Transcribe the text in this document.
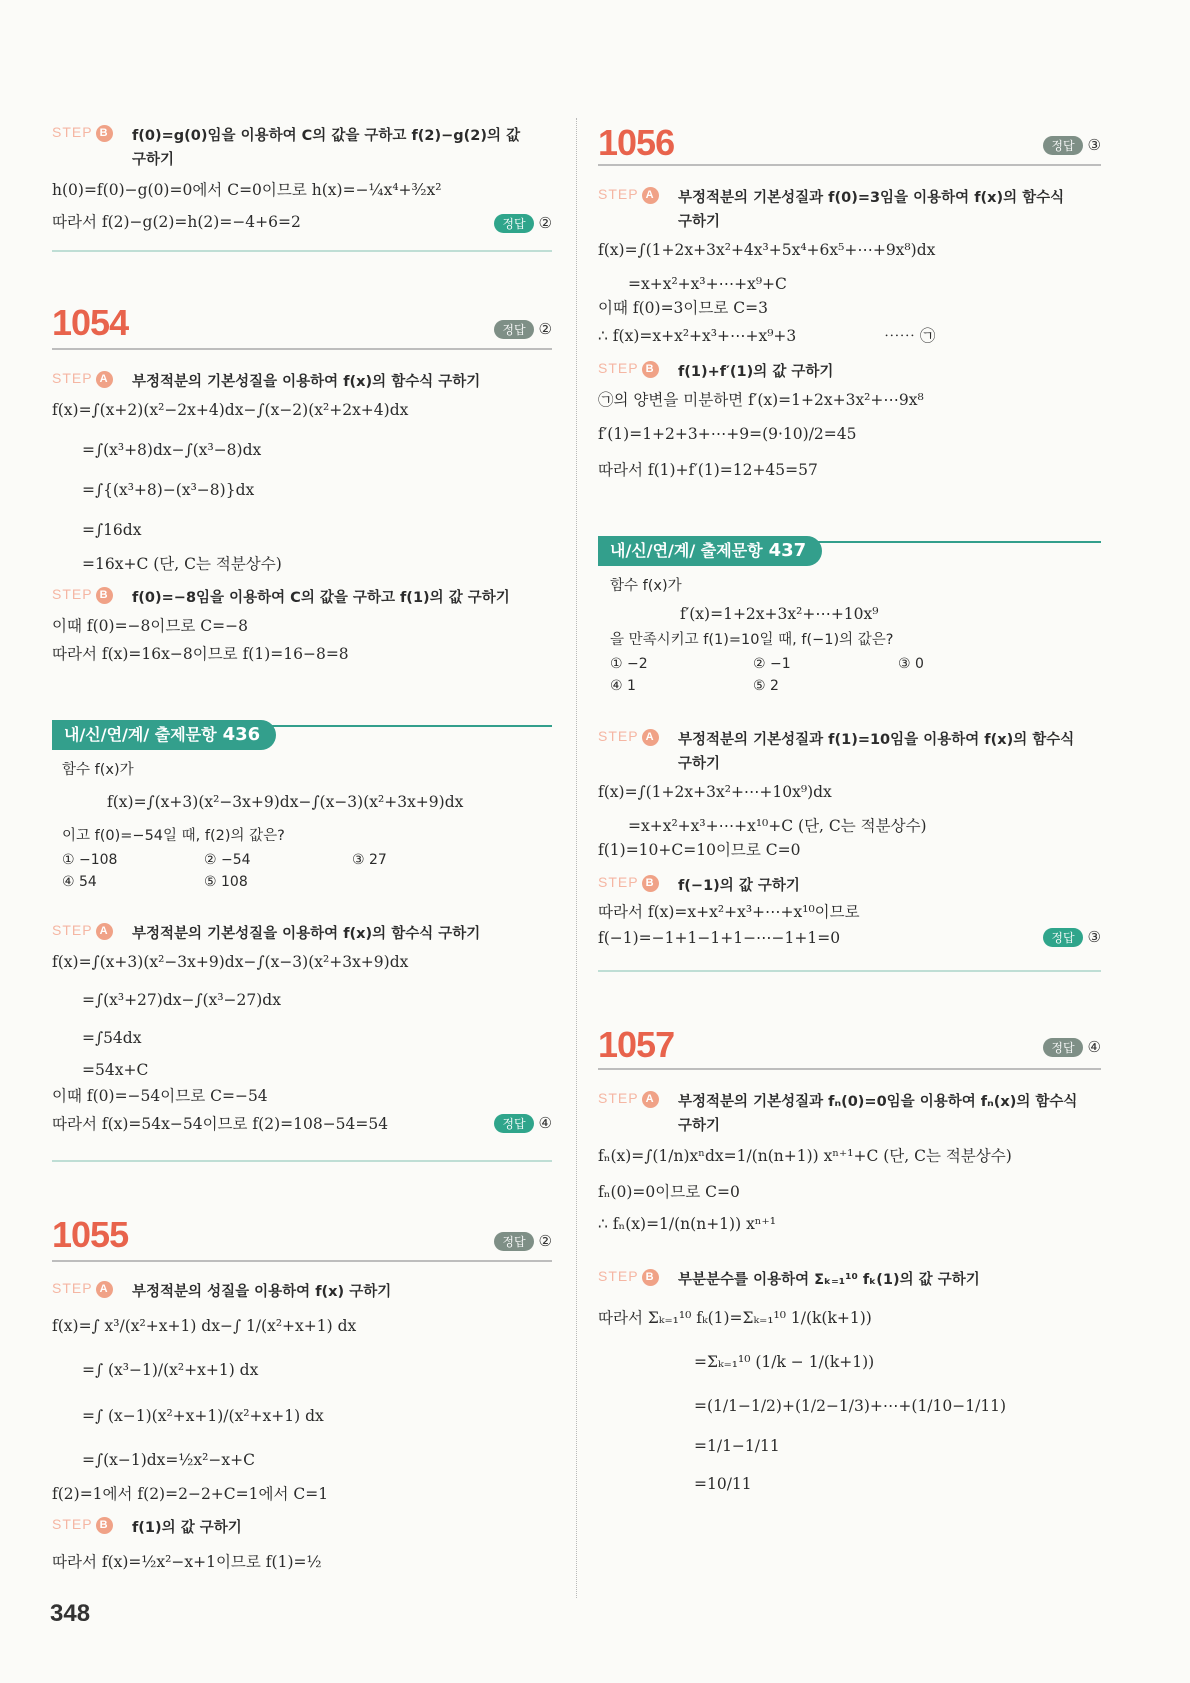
STEP B f(0)=g(0)임을 이용하여 C의 값을 구하고 f(2)−g(2)의 값
구하기
h(0)=f(0)−g(0)=0에서 C=0이므로 h(x)=−¼x⁴+³⁄₂x²
따라서 f(2)−g(2)=h(2)=−4+6=2	정답 ②
1054	정답 ②
STEP A 부정적분의 기본성질을 이용하여 f(x)의 함수식 구하기
f(x)=∫(x+2)(x²−2x+4)dx−∫(x−2)(x²+2x+4)dx
=∫(x³+8)dx−∫(x³−8)dx
=∫{(x³+8)−(x³−8)}dx
=∫16dx
=16x+C (단, C는 적분상수)
STEP B f(0)=−8임을 이용하여 C의 값을 구하고 f(1)의 값 구하기
이때 f(0)=−8이므로 C=−8
따라서 f(x)=16x−8이므로 f(1)=16−8=8
내/신/연/계/ 출제문항 436
함수 f(x)가
f(x)=∫(x+3)(x²−3x+9)dx−∫(x−3)(x²+3x+9)dx
이고 f(0)=−54일 때, f(2)의 값은?
① −108	② −54	③ 27
④ 54	⑤ 108
STEP A 부정적분의 기본성질을 이용하여 f(x)의 함수식 구하기
f(x)=∫(x+3)(x²−3x+9)dx−∫(x−3)(x²+3x+9)dx
=∫(x³+27)dx−∫(x³−27)dx
=∫54dx
=54x+C
이때 f(0)=−54이므로 C=−54
따라서 f(x)=54x−54이므로 f(2)=108−54=54	정답 ④
1055	정답 ②
STEP A 부정적분의 성질을 이용하여 f(x) 구하기
f(x)=∫ x³/(x²+x+1) dx−∫ 1/(x²+x+1) dx
=∫ (x³−1)/(x²+x+1) dx
=∫ (x−1)(x²+x+1)/(x²+x+1) dx
=∫(x−1)dx=½x²−x+C
f(2)=1에서 f(2)=2−2+C=1에서 C=1
STEP B f(1)의 값 구하기
따라서 f(x)=½x²−x+1이므로 f(1)=½
1056	정답 ③
STEP A 부정적분의 기본성질과 f(0)=3임을 이용하여 f(x)의 함수식
구하기
f(x)=∫(1+2x+3x²+4x³+5x⁴+6x⁵+⋯+9x⁸)dx
=x+x²+x³+⋯+x⁹+C
이때 f(0)=3이므로 C=3
∴ f(x)=x+x²+x³+⋯+x⁹+3	⋯⋯ ㉠
STEP B f(1)+f′(1)의 값 구하기
㉠의 양변을 미분하면 f′(x)=1+2x+3x²+⋯9x⁸
f′(1)=1+2+3+⋯+9=(9·10)/2=45
따라서 f(1)+f′(1)=12+45=57
내/신/연/계/ 출제문항 437
함수 f(x)가
f′(x)=1+2x+3x²+⋯+10x⁹
을 만족시키고 f(1)=10일 때, f(−1)의 값은?
① −2	② −1	③ 0
④ 1	⑤ 2
STEP A 부정적분의 기본성질과 f(1)=10임을 이용하여 f(x)의 함수식
구하기
f(x)=∫(1+2x+3x²+⋯+10x⁹)dx
=x+x²+x³+⋯+x¹⁰+C (단, C는 적분상수)
f(1)=10+C=10이므로 C=0
STEP B f(−1)의 값 구하기
따라서 f(x)=x+x²+x³+⋯+x¹⁰이므로
f(−1)=−1+1−1+1−⋯−1+1=0	정답 ③
1057	정답 ④
STEP A 부정적분의 기본성질과 fₙ(0)=0임을 이용하여 fₙ(x)의 함수식
구하기
fₙ(x)=∫(1/n)xⁿdx=1/(n(n+1)) xⁿ⁺¹+C (단, C는 적분상수)
fₙ(0)=0이므로 C=0
∴ fₙ(x)=1/(n(n+1)) xⁿ⁺¹
STEP B 부분분수를 이용하여 Σₖ₌₁¹⁰ fₖ(1)의 값 구하기
따라서 Σₖ₌₁¹⁰ fₖ(1)=Σₖ₌₁¹⁰ 1/(k(k+1))
=Σₖ₌₁¹⁰ (1/k − 1/(k+1))
=(1/1−1/2)+(1/2−1/3)+⋯+(1/10−1/11)
=1/1−1/11
=10/11
348
